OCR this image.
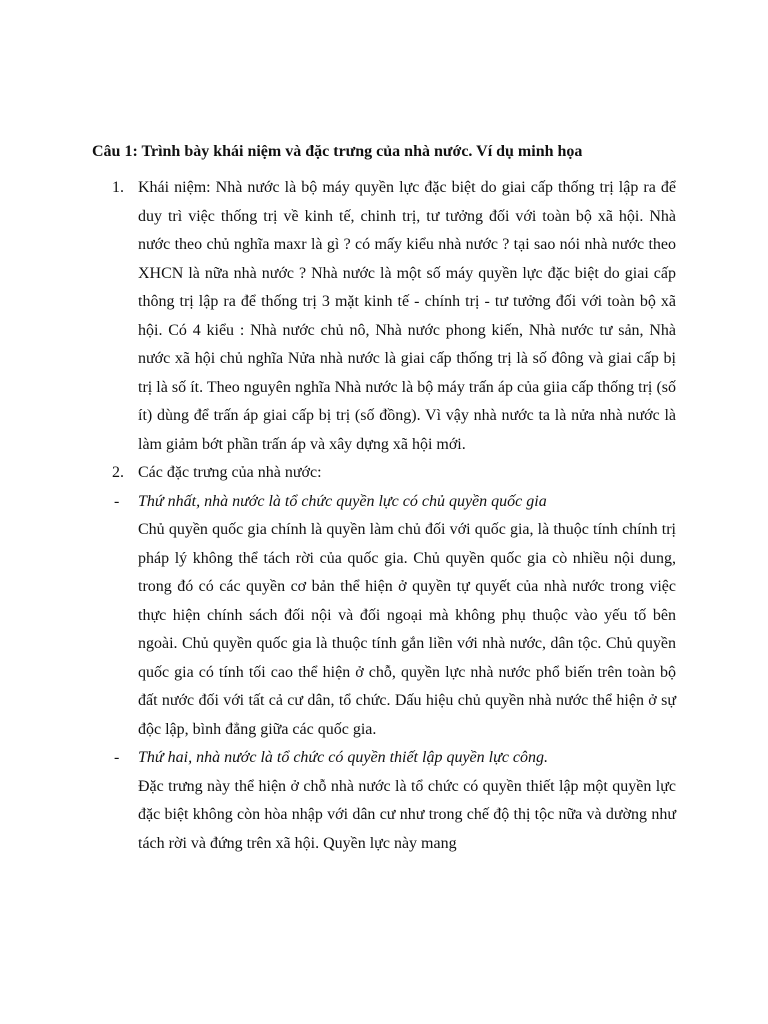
Câu 1: Trình bày khái niệm và đặc trưng của nhà nước. Ví dụ minh họa

1. Khái niệm: Nhà nước là bộ máy quyền lực đặc biệt do giai cấp thống trị lập ra để duy trì việc thống trị về kinh tế, chinh trị, tư tưởng đối với toàn bộ xã hội. Nhà nước theo chủ nghĩa maxr là gì ? có mấy kiểu nhà nước ? tại sao nói nhà nước theo XHCN là nữa nhà nước ? Nhà nước là một số máy quyền lực đặc biệt do giai cấp thông trị lập ra để thống trị 3 mặt kinh tế - chính trị - tư tưởng đối với toàn bộ xã hội. Có 4 kiểu : Nhà nước chủ nô, Nhà nước phong kiến, Nhà nước tư sản, Nhà nước xã hội chủ nghĩa Nửa nhà nước là giai cấp thống trị là số đông và giai cấp bị trị là số ít. Theo nguyên nghĩa Nhà nước là bộ máy trấn áp của giia cấp thống trị (số ít) dùng để trấn áp giai cấp bị trị (số đồng). Vì vậy nhà nước ta là nửa nhà nước là làm giảm bớt phần trấn áp và xây dựng xã hội mới.

2. Các đặc trưng của nhà nước:

- Thứ nhất, nhà nước là tổ chức quyền lực có chủ quyền quốc gia

Chủ quyền quốc gia chính là quyền làm chủ đối với quốc gia, là thuộc tính chính trị pháp lý không thể tách rời của quốc gia. Chủ quyền quốc gia cò nhiều nội dung, trong đó có các quyền cơ bản thể hiện ở quyền tự quyết của nhà nước trong việc thực hiện chính sách đối nội và đối ngoại mà không phụ thuộc vào yếu tố bên ngoài. Chủ quyền quốc gia là thuộc tính gắn liền với nhà nước, dân tộc. Chủ quyền quốc gia có tính tối cao thể hiện ở chỗ, quyền lực nhà nước phổ biến trên toàn bộ đất nước đối với tất cả cư dân, tổ chức. Dấu hiệu chủ quyền nhà nước thể hiện ở sự độc lập, bình đẳng giữa các quốc gia.

- Thứ hai, nhà nước là tổ chức có quyền thiết lập quyền lực công.

Đặc trưng này thể hiện ở chỗ nhà nước là tổ chức có quyền thiết lập một quyền lực đặc biệt không còn hòa nhập với dân cư như trong chế độ thị tộc nữa và dường như tách rời và đứng trên xã hội. Quyền lực này mang
